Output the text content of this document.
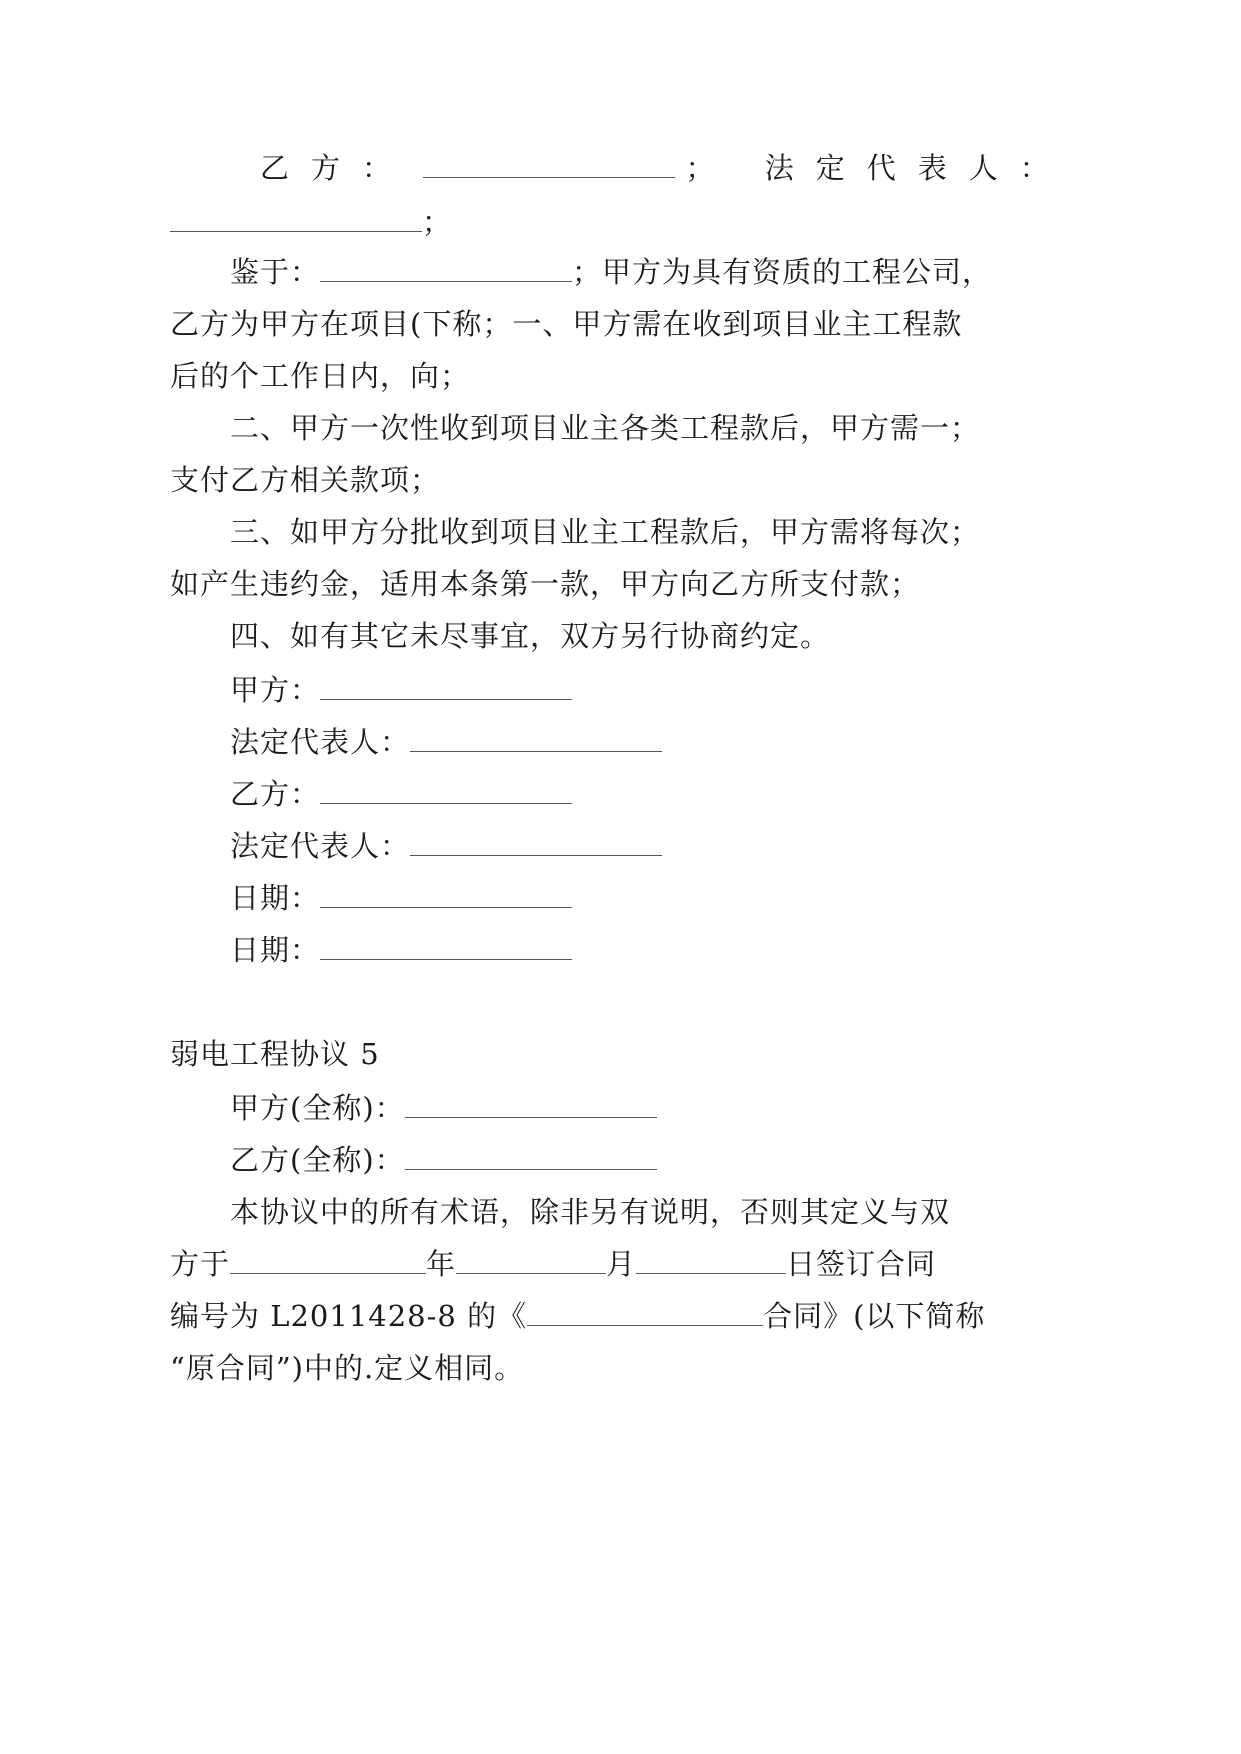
乙方：	； 法定代表人：
；
鉴于：	；甲方为具有资质的工程公司，
乙方为甲方在项目(下称；一、甲方需在收到项目业主工程款
后的个工作日内，向；
二、甲方一次性收到项目业主各类工程款后，甲方需一；
支付乙方相关款项；
三、如甲方分批收到项目业主工程款后，甲方需将每次；
如产生违约金，适用本条第一款，甲方向乙方所支付款；
四、如有其它未尽事宜，双方另行协商约定。
甲方：
法定代表人：
乙方：
法定代表人：
日期：
日期：
弱电工程协议 5
甲方(全称)：
乙方(全称)：
本协议中的所有术语，除非另有说明，否则其定义与双
方于	年	月	日签订合同
编号为 L2011428-8 的《	合同》(以下简称
“原合同”)中的.定义相同。
